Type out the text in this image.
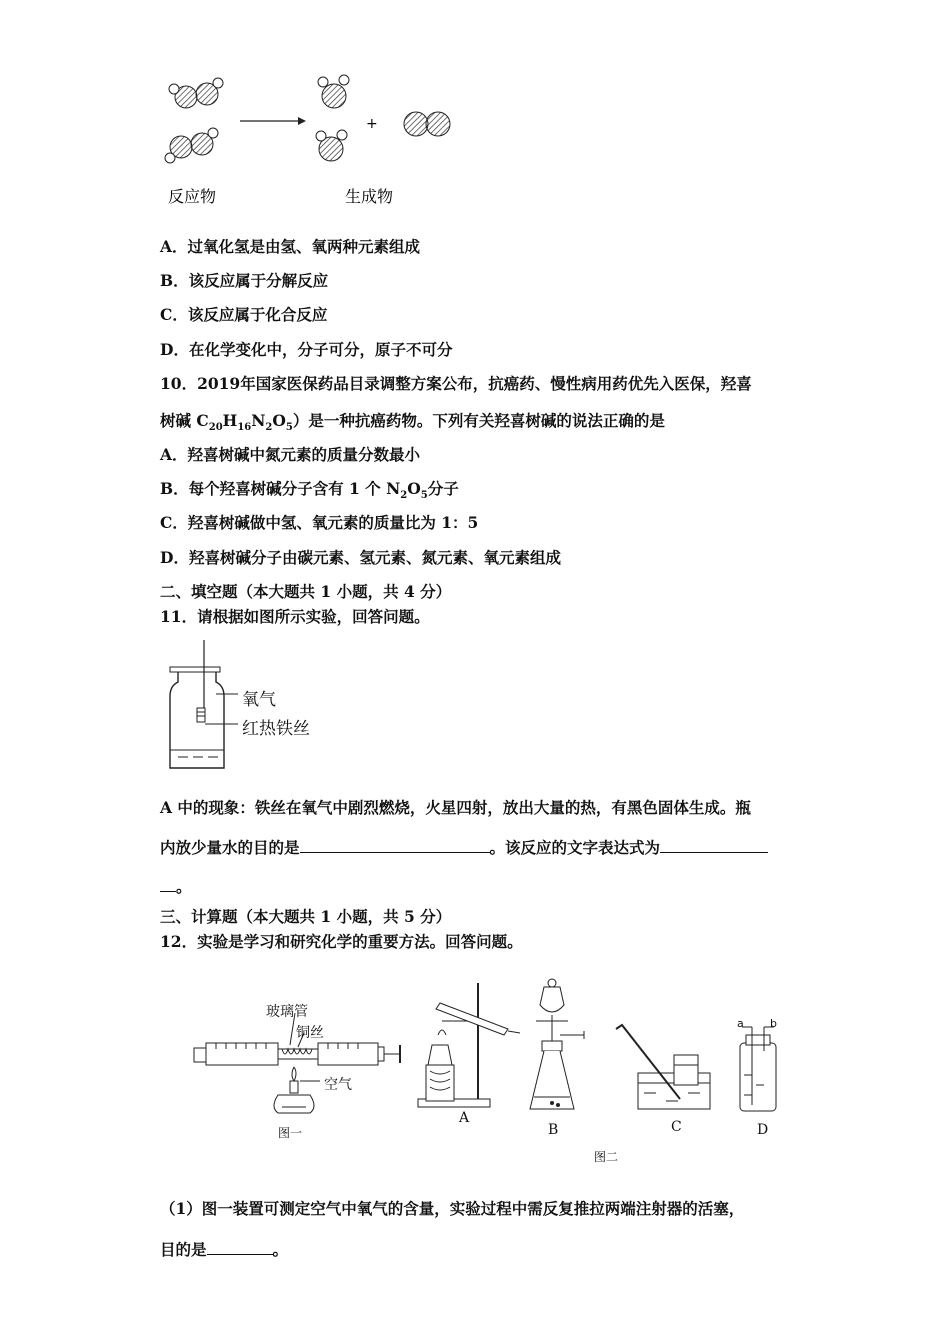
+
反应物	生成物
A．过氧化氢是由氢、氧两种元素组成
B．该反应属于分解反应
C．该反应属于化合反应
D．在化学变化中，分子可分，原子不可分
10．2019年国家医保药品目录调整方案公布，抗癌药、慢性病用药优先入医保，羟喜
树碱 $C_{20}H_{16}N_2O_5$）是一种抗癌药物。下列有关羟喜树碱的说法正确的是
A．羟喜树碱中氮元素的质量分数最小
B．每个羟喜树碱分子含有 1 个 $N_2O_5$分子
C．羟喜树碱做中氢、氧元素的质量比为 1：5
D．羟喜树碱分子由碳元素、氢元素、氮元素、氧元素组成
二、填空题（本大题共 1 小题，共 4 分）
11．请根据如图所示实验，回答问题。
氧气
红热铁丝
A 中的现象：铁丝在氧气中剧烈燃烧，火星四射，放出大量的热，有黑色固体生成。瓶
内放少量水的目的是	。该反应的文字表达式为
。
三、计算题（本大题共 1 小题，共 5 分）
12．实验是学习和研究化学的重要方法。回答问题。
玻璃管
铜丝
空气
图一
A
B	C	D
a b
图二
（1）图一装置可测定空气中氧气的含量，实验过程中需反复推拉两端注射器的活塞，
目的是	。
